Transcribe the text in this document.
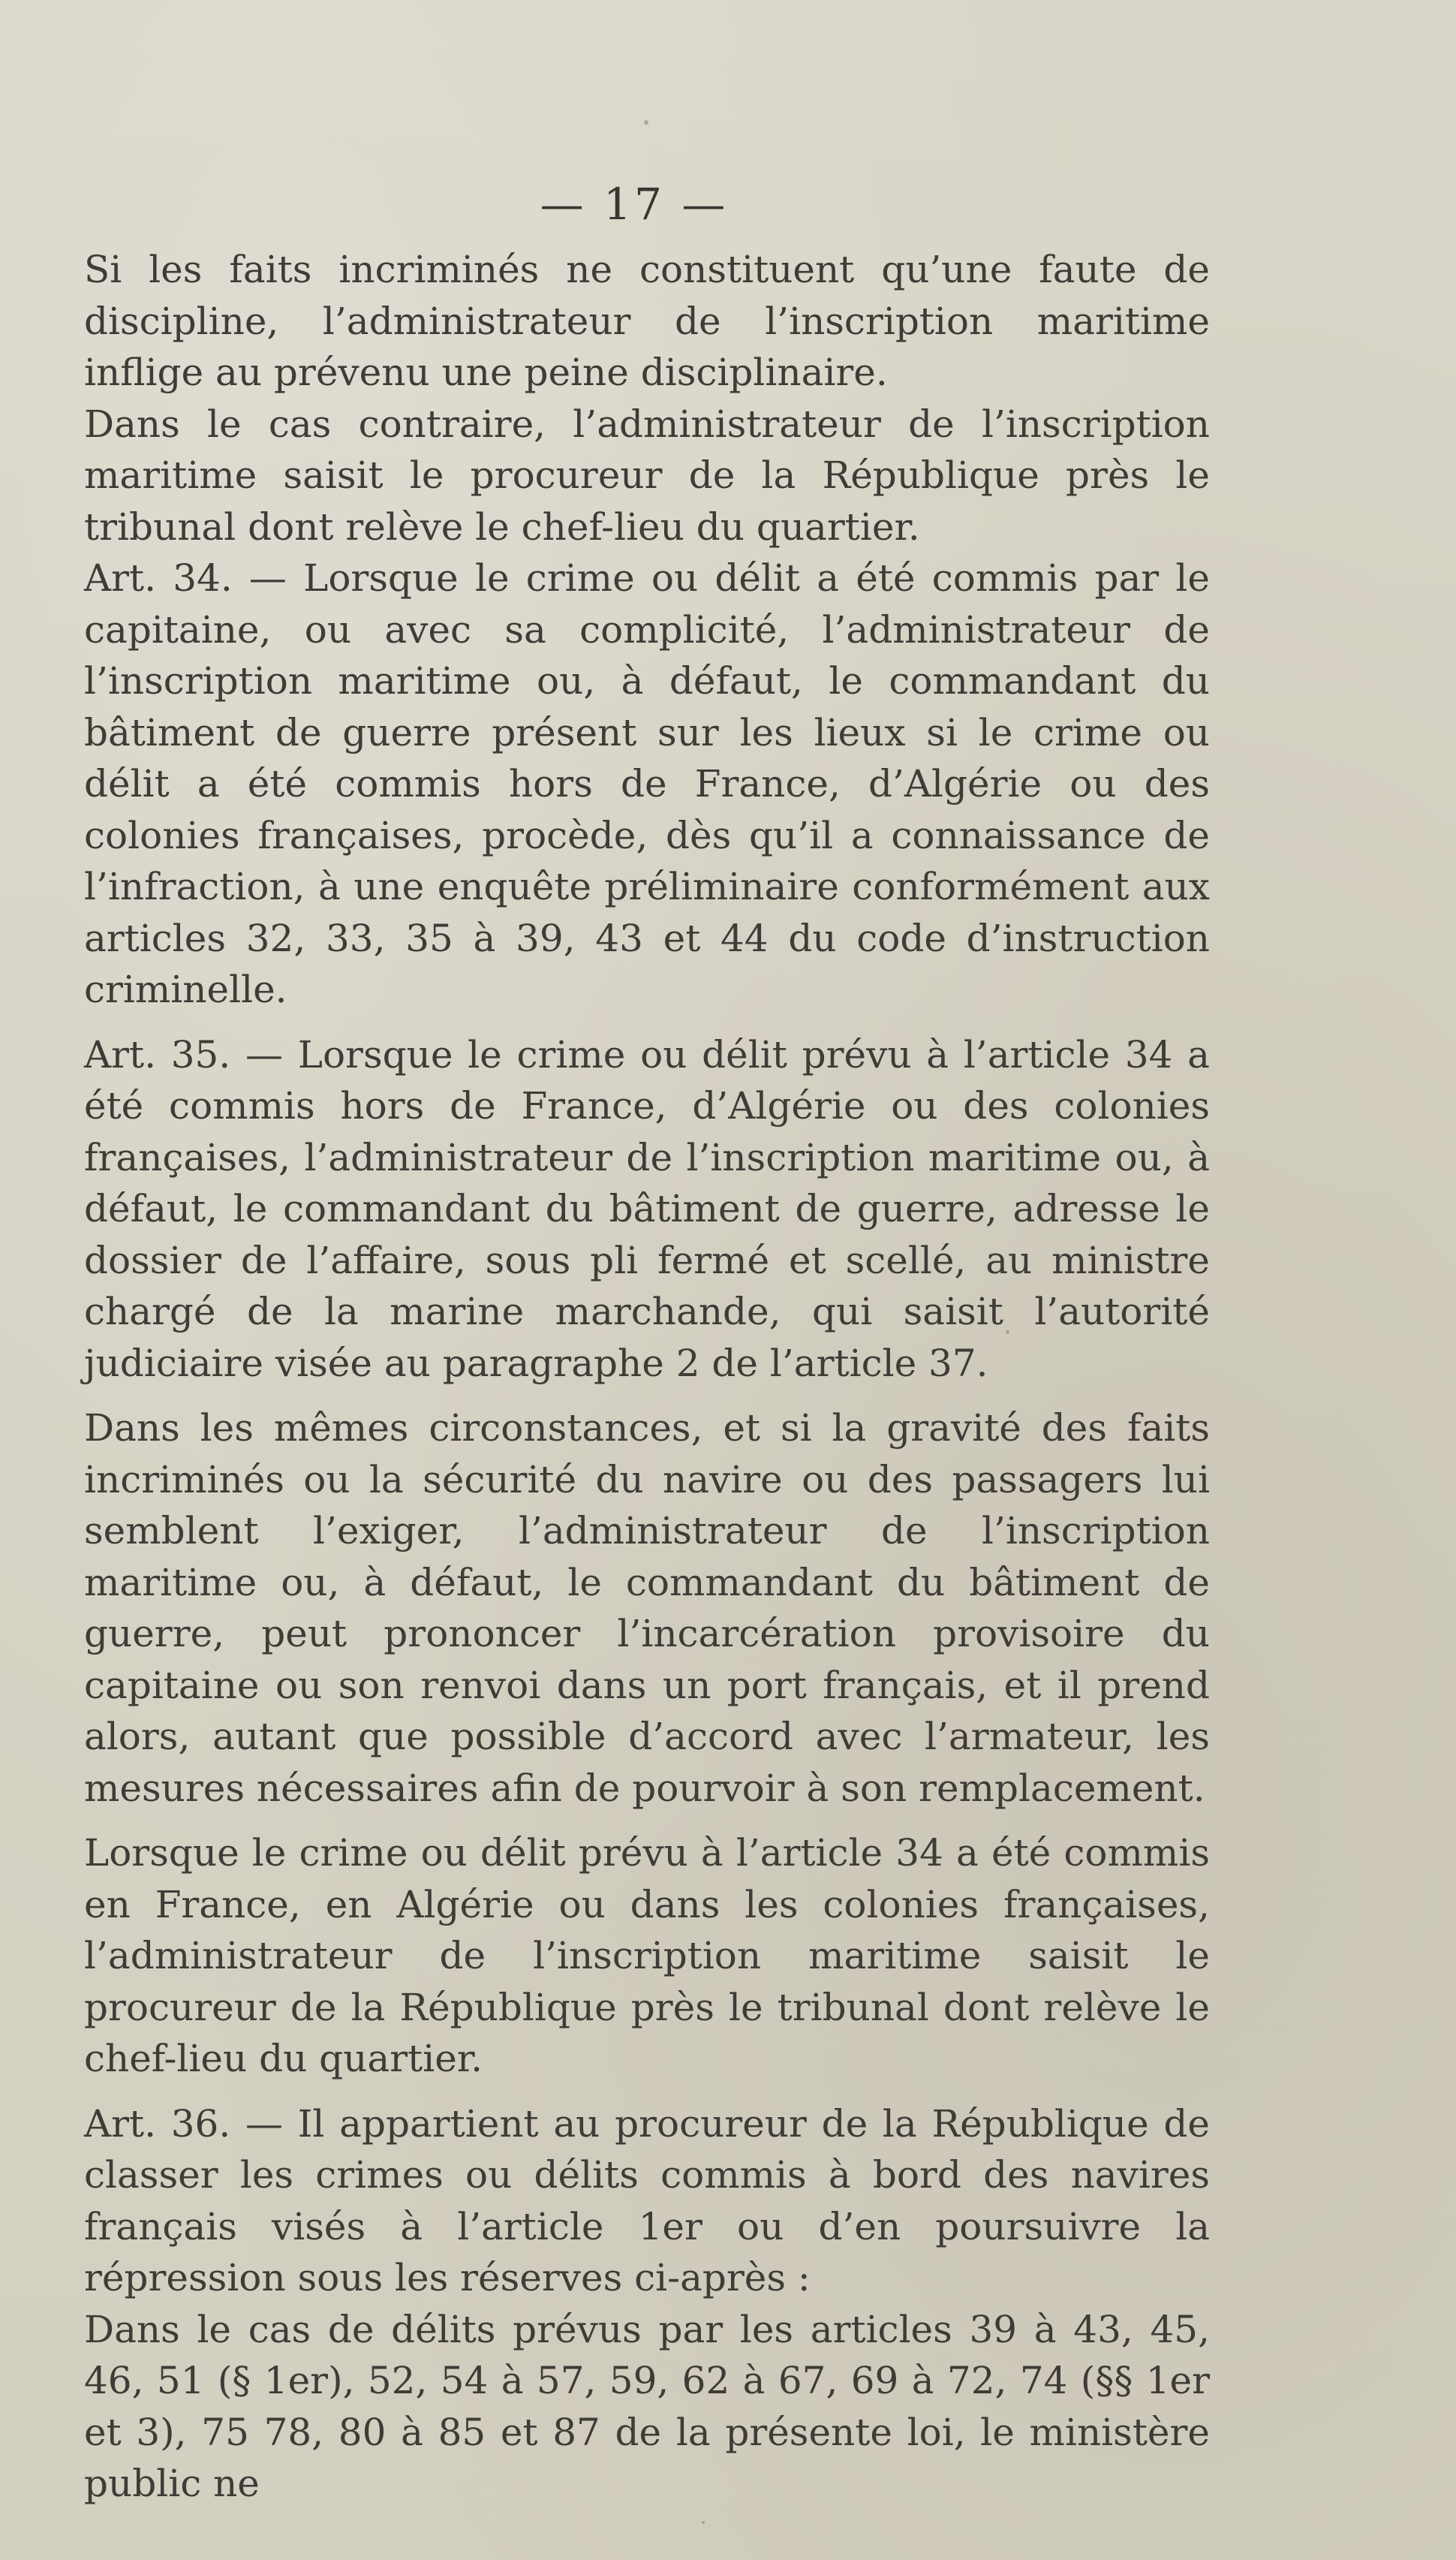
— 17 —

Si les faits incriminés ne constituent qu’une faute de discipline, l’administrateur de l’inscription maritime inflige au prévenu une peine disciplinaire.

Dans le cas contraire, l’administrateur de l’inscription maritime saisit le procureur de la République près le tribunal dont relève le chef-lieu du quartier.

Art. 34. — Lorsque le crime ou délit a été commis par le capitaine, ou avec sa complicité, l’administrateur de l’inscription maritime ou, à défaut, le commandant du bâtiment de guerre présent sur les lieux si le crime ou délit a été commis hors de France, d’Algérie ou des colonies françaises, procède, dès qu’il a connaissance de l’infraction, à une enquête préliminaire conformément aux articles 32, 33, 35 à 39, 43 et 44 du code d’instruction criminelle.

Art. 35. — Lorsque le crime ou délit prévu à l’article 34 a été commis hors de France, d’Algérie ou des colonies françaises, l’administrateur de l’inscription maritime ou, à défaut, le commandant du bâtiment de guerre, adresse le dossier de l’affaire, sous pli fermé et scellé, au ministre chargé de la marine marchande, qui saisit l’autorité judiciaire visée au paragraphe 2 de l’article 37.

Dans les mêmes circonstances, et si la gravité des faits incriminés ou la sécurité du navire ou des passagers lui semblent l’exiger, l’administrateur de l’inscription maritime ou, à défaut, le commandant du bâtiment de guerre, peut prononcer l’incarcération provisoire du capitaine ou son renvoi dans un port français, et il prend alors, autant que possible d’accord avec l’armateur, les mesures nécessaires afin de pourvoir à son remplacement.

Lorsque le crime ou délit prévu à l’article 34 a été commis en France, en Algérie ou dans les colonies françaises, l’administrateur de l’inscription maritime saisit le procureur de la République près le tribunal dont relève le chef-lieu du quartier.

Art. 36. — Il appartient au procureur de la République de classer les crimes ou délits commis à bord des navires français visés à l’article 1er ou d’en poursuivre la répression sous les réserves ci-après :

Dans le cas de délits prévus par les articles 39 à 43, 45, 46, 51 (§ 1er), 52, 54 à 57, 59, 62 à 67, 69 à 72, 74 (§§ 1er et 3), 75 78, 80 à 85 et 87 de la présente loi, le ministère public ne
